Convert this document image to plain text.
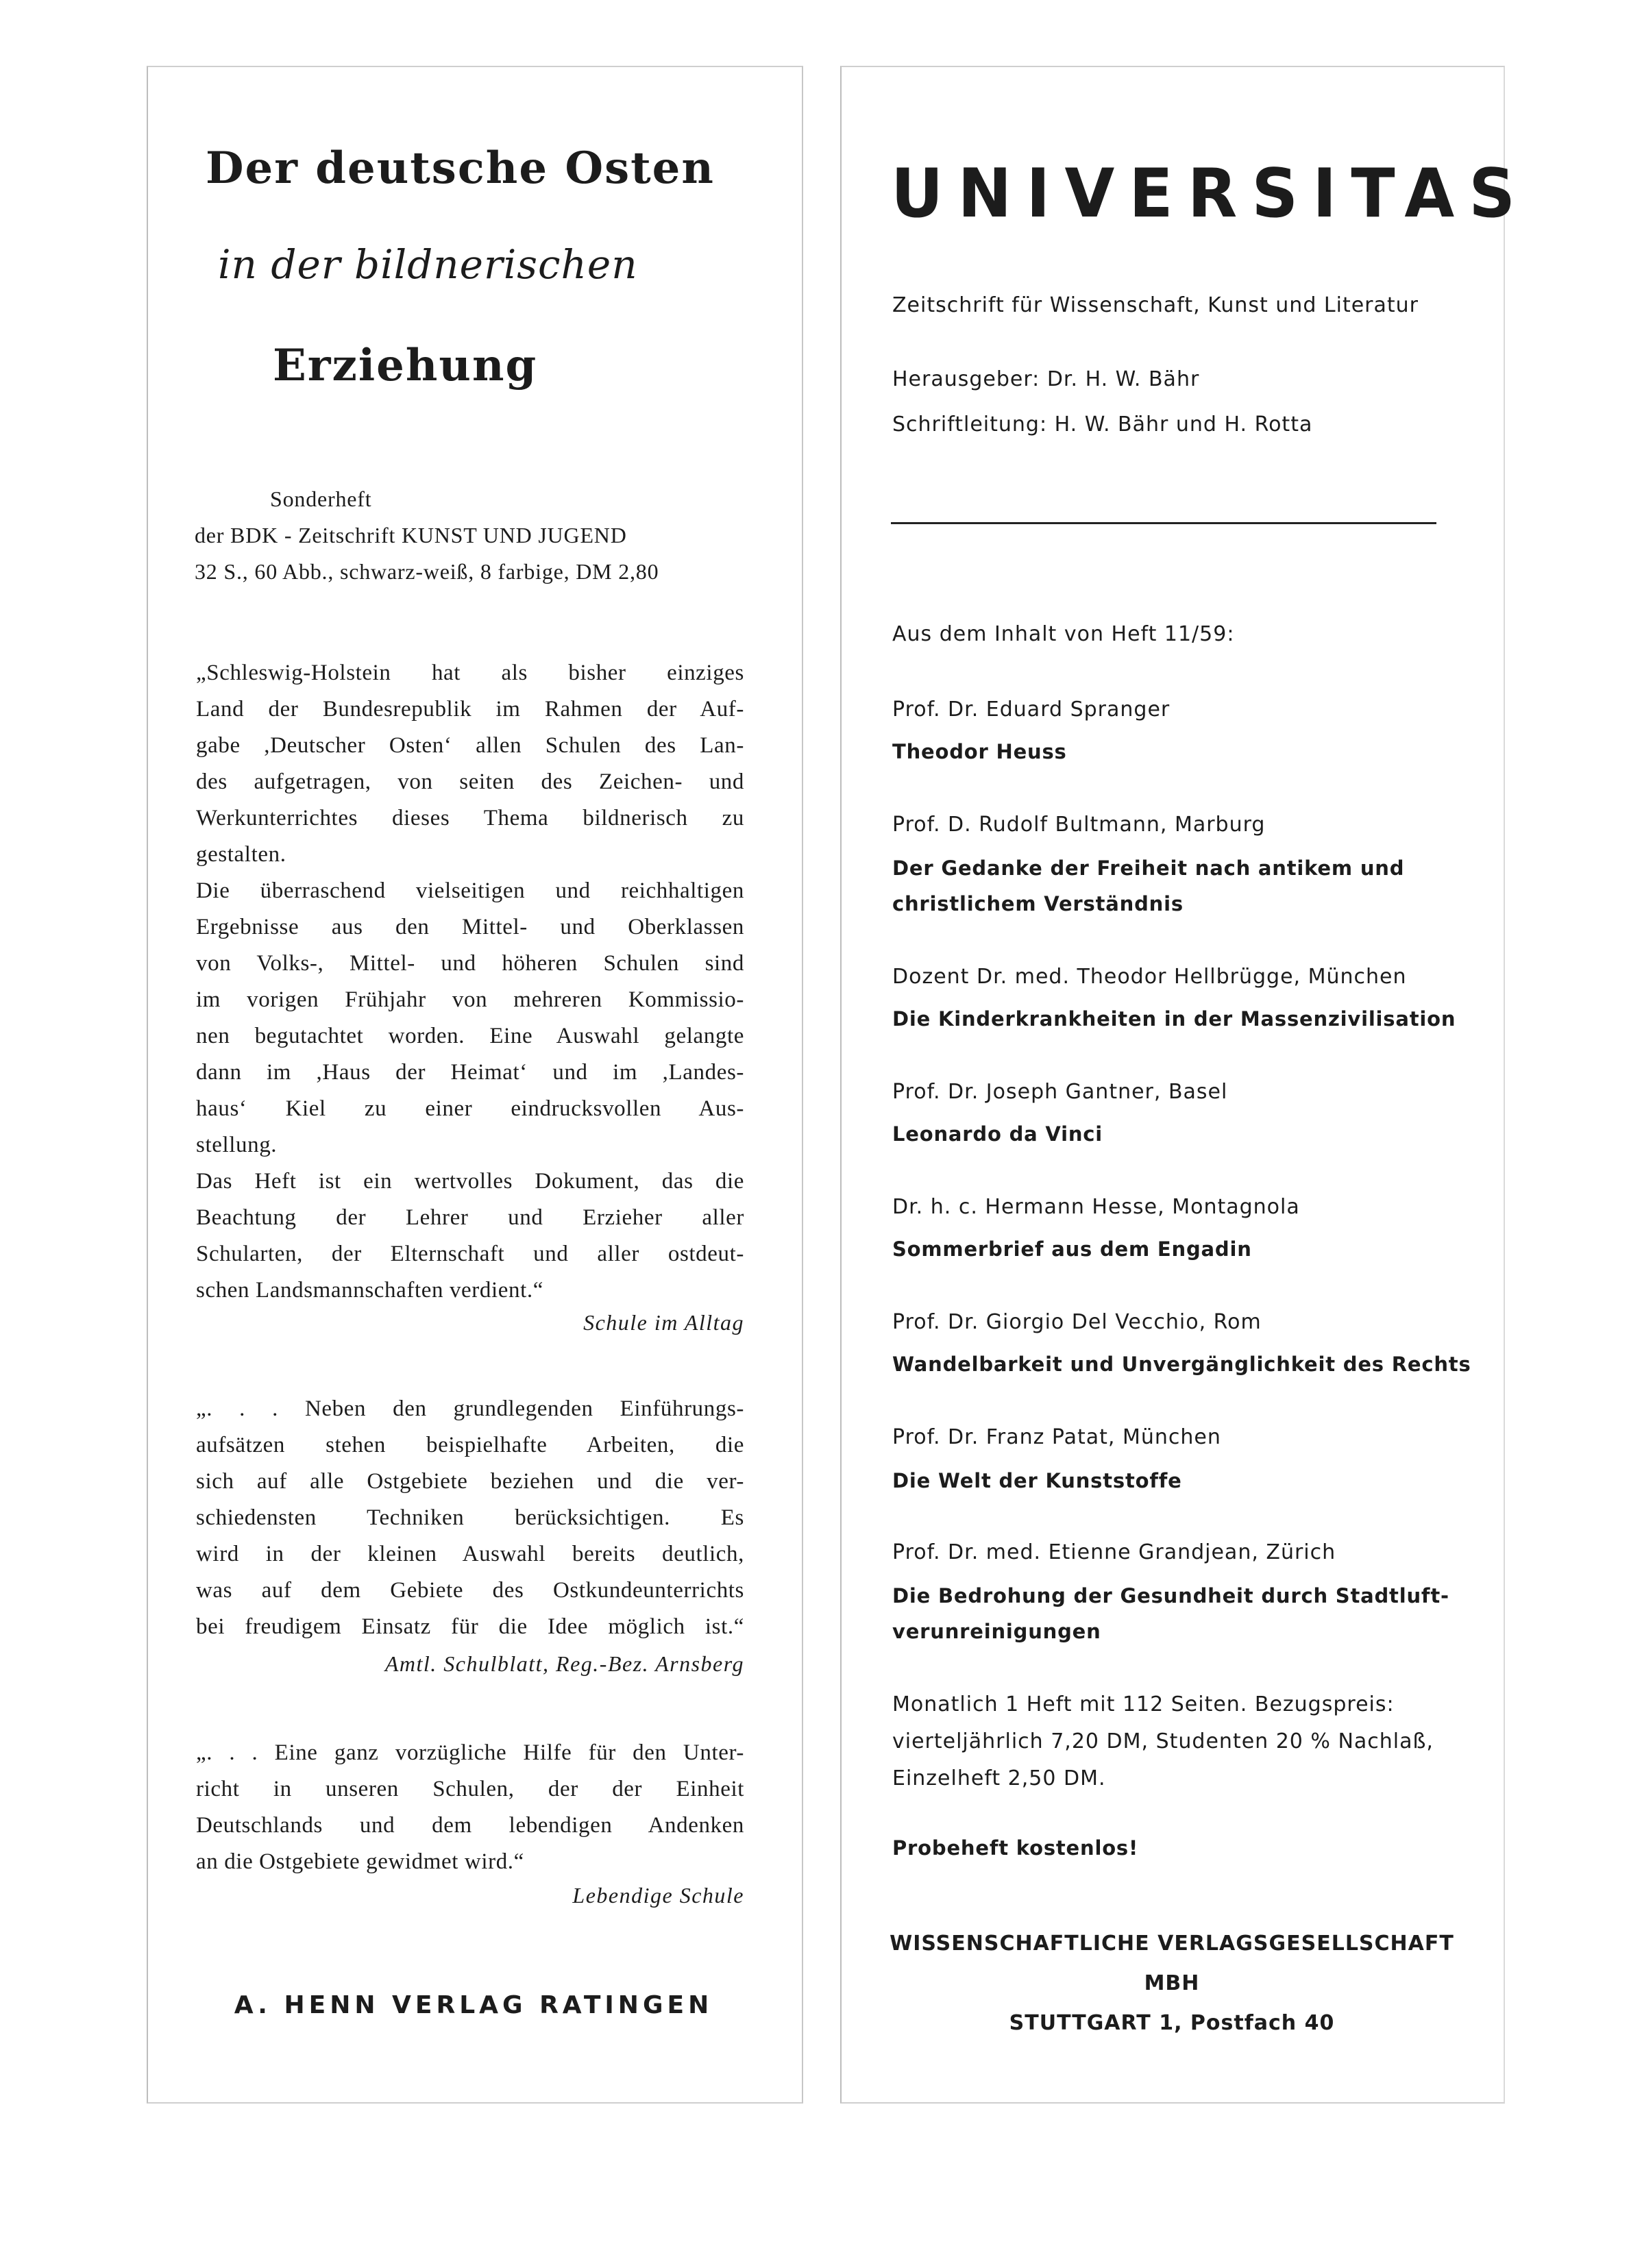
Der deutsche Osten
in der bildnerischen
Erziehung
Sonderheft
der BDK - Zeitschrift KUNST UND JUGEND
32 S., 60 Abb., schwarz-weiß, 8 farbige, DM 2,80
„Schleswig-Holstein hat als bisher einziges
Land der Bundesrepublik im Rahmen der Auf-
gabe ,Deutscher Osten‘ allen Schulen des Lan-
des aufgetragen, von seiten des Zeichen- und
Werkunterrichtes dieses Thema bildnerisch zu
gestalten.
Die überraschend vielseitigen und reichhaltigen
Ergebnisse aus den Mittel- und Oberklassen
von Volks-, Mittel- und höheren Schulen sind
im vorigen Frühjahr von mehreren Kommissio-
nen begutachtet worden. Eine Auswahl gelangte
dann im ,Haus der Heimat‘ und im ,Landes-
haus‘ Kiel zu einer eindrucksvollen Aus-
stellung.
Das Heft ist ein wertvolles Dokument, das die
Beachtung der Lehrer und Erzieher aller
Schularten, der Elternschaft und aller ostdeut-
schen Landsmannschaften verdient.“
Schule im Alltag
„. . . Neben den grundlegenden Einführungs-
aufsätzen stehen beispielhafte Arbeiten, die
sich auf alle Ostgebiete beziehen und die ver-
schiedensten Techniken berücksichtigen. Es
wird in der kleinen Auswahl bereits deutlich,
was auf dem Gebiete des Ostkundeunterrichts
bei freudigem Einsatz für die Idee möglich ist.“
Amtl. Schulblatt, Reg.-Bez. Arnsberg
„. . . Eine ganz vorzügliche Hilfe für den Unter-
richt in unseren Schulen, der der Einheit
Deutschlands und dem lebendigen Andenken
an die Ostgebiete gewidmet wird.“
Lebendige Schule
A. HENN VERLAG RATINGEN
UNIVERSITAS
Zeitschrift für Wissenschaft, Kunst und Literatur
Herausgeber: Dr. H. W. Bähr
Schriftleitung: H. W. Bähr und H. Rotta
Aus dem Inhalt von Heft 11/59:
Prof. Dr. Eduard Spranger
Theodor Heuss
Prof. D. Rudolf Bultmann, Marburg
Der Gedanke der Freiheit nach antikem und
christlichem Verständnis
Dozent Dr. med. Theodor Hellbrügge, München
Die Kinderkrankheiten in der Massenzivilisation
Prof. Dr. Joseph Gantner, Basel
Leonardo da Vinci
Dr. h. c. Hermann Hesse, Montagnola
Sommerbrief aus dem Engadin
Prof. Dr. Giorgio Del Vecchio, Rom
Wandelbarkeit und Unvergänglichkeit des Rechts
Prof. Dr. Franz Patat, München
Die Welt der Kunststoffe
Prof. Dr. med. Etienne Grandjean, Zürich
Die Bedrohung der Gesundheit durch Stadtluft-
verunreinigungen
Monatlich 1 Heft mit 112 Seiten. Bezugspreis:
vierteljährlich 7,20 DM, Studenten 20 % Nachlaß,
Einzelheft 2,50 DM.
Probeheft kostenlos!
WISSENSCHAFTLICHE VERLAGSGESELLSCHAFT
MBH
STUTTGART 1, Postfach 40
